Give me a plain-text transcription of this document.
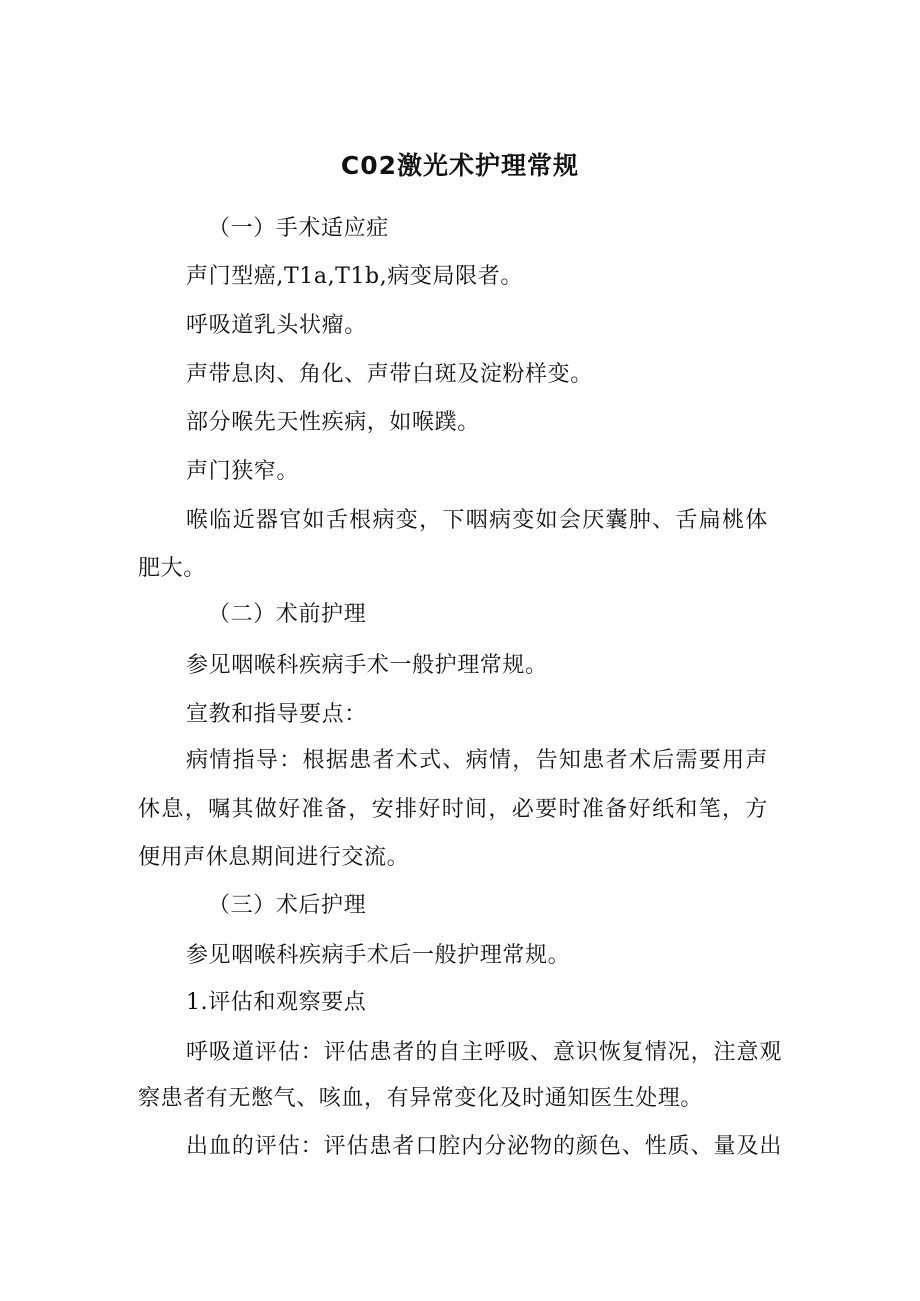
C02激光术护理常规
（一）手术适应症
声门型癌,T1a,T1b,病变局限者。
呼吸道乳头状瘤。
声带息肉、角化、声带白斑及淀粉样变。
部分喉先天性疾病，如喉蹼。
声门狭窄。
喉临近器官如舌根病变，下咽病变如会厌囊肿、舌扁桃体
肥大。
（二）术前护理
参见咽喉科疾病手术一般护理常规。
宣教和指导要点：
病情指导：根据患者术式、病情，告知患者术后需要用声
休息，嘱其做好准备，安排好时间，必要时准备好纸和笔，方
便用声休息期间进行交流。
（三）术后护理
参见咽喉科疾病手术后一般护理常规。
1.评估和观察要点
呼吸道评估：评估患者的自主呼吸、意识恢复情况，注意观
察患者有无憋气、咳血，有异常变化及时通知医生处理。
出血的评估：评估患者口腔内分泌物的颜色、性质、量及出
